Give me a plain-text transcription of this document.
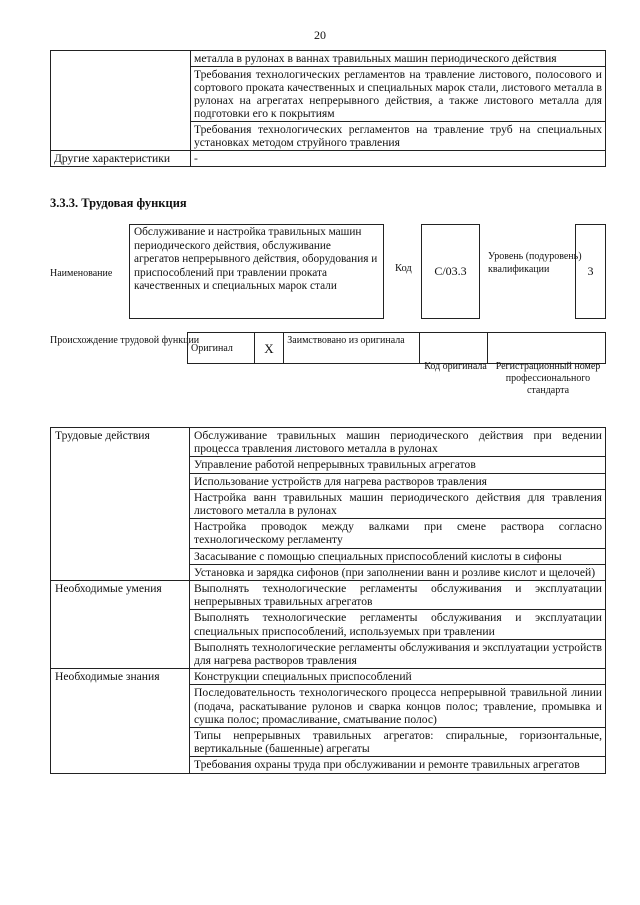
20
	металла в рулонах в ваннах травильных машин периодического действия
	Требования технологических регламентов на травление листового, полосового и сортового проката качественных и специальных марок стали, листового металла в рулонах на агрегатах непрерывного действия, а также листового металла для подготовки его к покрытиям
	Требования технологических регламентов на травление труб на специальных установках методом струйного травления
Другие характеристики	-
3.3.3. Трудовая функция
Наименование
Обслуживание и настройка травильных машин периодического действия, обслуживание агрегатов непрерывного действия, оборудования и приспособлений при травлении проката качественных и специальных марок стали
Код	С/03.3
Уровень (подуровень) квалификации	3
Происхождение трудовой функции
Оригинал	X	Заимствовано из оригинала		
Код оригинала Регистрационный номер профессионального стандарта
Трудовые действия	Обслуживание травильных машин периодического действия при ведении процесса травления листового металла в рулонах
	Управление работой непрерывных травильных агрегатов
	Использование устройств для нагрева растворов травления
	Настройка ванн травильных машин периодического действия для травления листового металла в рулонах
	Настройка проводок между валками при смене раствора согласно технологическому регламенту
	Засасывание с помощью специальных приспособлений кислоты в сифоны
	Установка и зарядка сифонов (при заполнении ванн и розливе кислот и щелочей)
Необходимые умения	Выполнять технологические регламенты обслуживания и эксплуатации непрерывных травильных агрегатов
	Выполнять технологические регламенты обслуживания и эксплуатации специальных приспособлений, используемых при травлении
	Выполнять технологические регламенты обслуживания и эксплуатации устройств для нагрева растворов травления
Необходимые знания	Конструкции специальных приспособлений
	Последовательность технологического процесса непрерывной травильной линии (подача, раскатывание рулонов и сварка концов полос; травление, промывка и сушка полос; промасливание, сматывание полос)
	Типы непрерывных травильных агрегатов: спиральные, горизонтальные, вертикальные (башенные) агрегаты
	Требования охраны труда при обслуживании и ремонте травильных агрегатов
